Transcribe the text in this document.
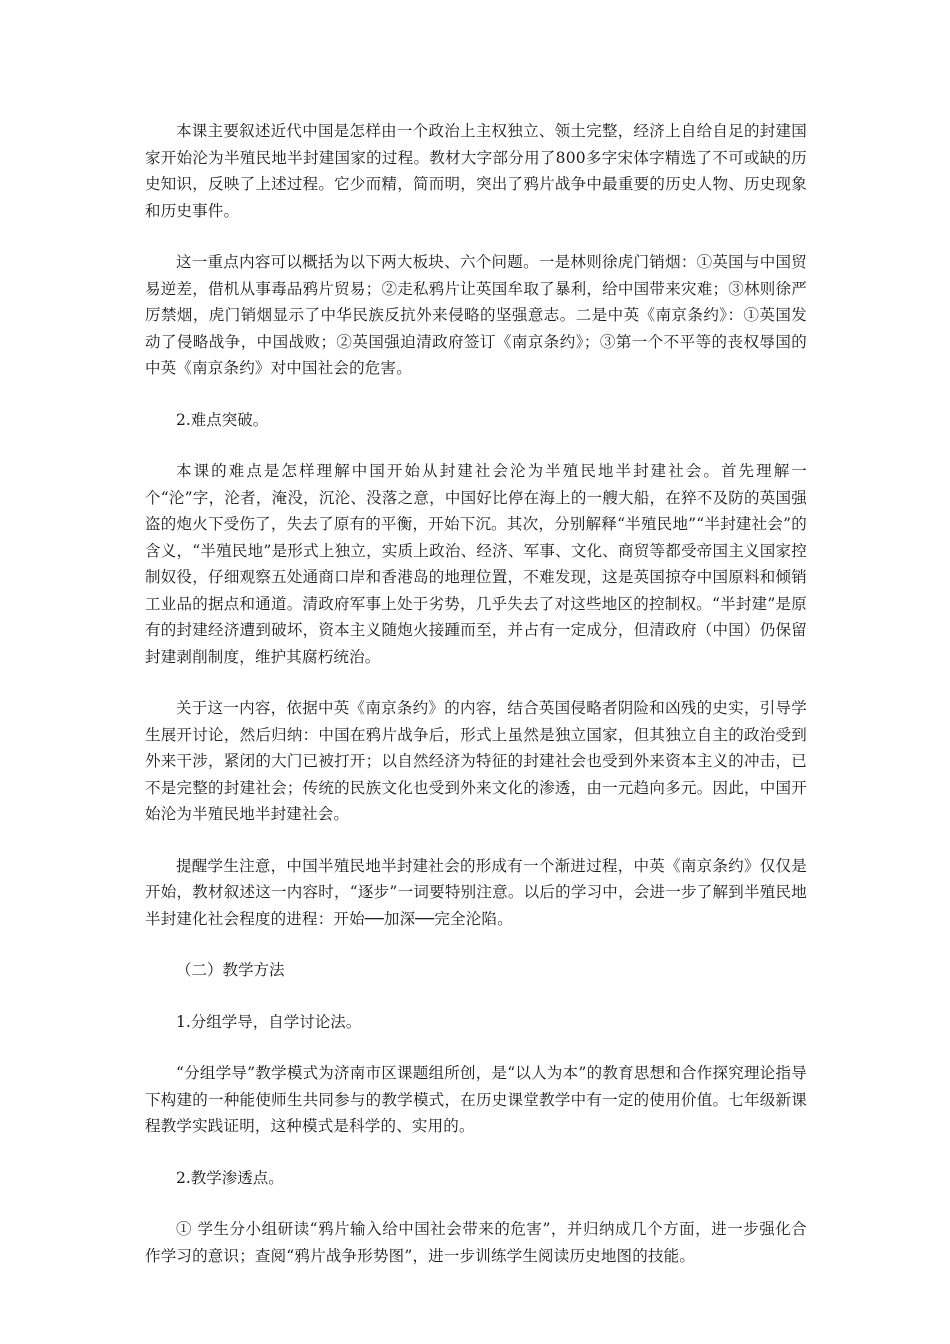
本课主要叙述近代中国是怎样由一个政治上主权独立、领土完整，经济上自给自足的封建国家开始沦为半殖民地半封建国家的过程。教材大字部分用了800多字宋体字精选了不可或缺的历史知识，反映了上述过程。它少而精，简而明，突出了鸦片战争中最重要的历史人物、历史现象和历史事件。

这一重点内容可以概括为以下两大板块、六个问题。一是林则徐虎门销烟：①英国与中国贸易逆差，借机从事毒品鸦片贸易；②走私鸦片让英国牟取了暴利，给中国带来灾难；③林则徐严厉禁烟，虎门销烟显示了中华民族反抗外来侵略的坚强意志。二是中英《南京条约》：①英国发动了侵略战争，中国战败；②英国强迫清政府签订《南京条约》；③第一个不平等的丧权辱国的中英《南京条约》对中国社会的危害。

2.难点突破。

本课的难点是怎样理解中国开始从封建社会沦为半殖民地半封建社会。首先理解一个“沦”字，沦者，淹没，沉沦、没落之意，中国好比停在海上的一艘大船，在猝不及防的英国强盗的炮火下受伤了，失去了原有的平衡，开始下沉。其次，分别解释“半殖民地”“半封建社会”的含义，“半殖民地”是形式上独立，实质上政治、经济、军事、文化、商贸等都受帝国主义国家控制奴役，仔细观察五处通商口岸和香港岛的地理位置，不难发现，这是英国掠夺中国原料和倾销工业品的据点和通道。清政府军事上处于劣势，几乎失去了对这些地区的控制权。“半封建”是原有的封建经济遭到破坏，资本主义随炮火接踵而至，并占有一定成分，但清政府（中国）仍保留封建剥削制度，维护其腐朽统治。

关于这一内容，依据中英《南京条约》的内容，结合英国侵略者阴险和凶残的史实，引导学生展开讨论，然后归纳：中国在鸦片战争后，形式上虽然是独立国家，但其独立自主的政治受到外来干涉，紧闭的大门已被打开；以自然经济为特征的封建社会也受到外来资本主义的冲击，已不是完整的封建社会；传统的民族文化也受到外来文化的渗透，由一元趋向多元。因此，中国开始沦为半殖民地半封建社会。

提醒学生注意，中国半殖民地半封建社会的形成有一个渐进过程，中英《南京条约》仅仅是开始，教材叙述这一内容时，“逐步”一词要特别注意。以后的学习中，会进一步了解到半殖民地半封建化社会程度的进程：开始──加深──完全沦陷。

（二）教学方法

1.分组学导，自学讨论法。

“分组学导”教学模式为济南市区课题组所创，是“以人为本”的教育思想和合作探究理论指导下构建的一种能使师生共同参与的教学模式，在历史课堂教学中有一定的使用价值。七年级新课程教学实践证明，这种模式是科学的、实用的。

2.教学渗透点。

① 学生分小组研读“鸦片输入给中国社会带来的危害”，并归纳成几个方面，进一步强化合作学习的意识；查阅“鸦片战争形势图”，进一步训练学生阅读历史地图的技能。
